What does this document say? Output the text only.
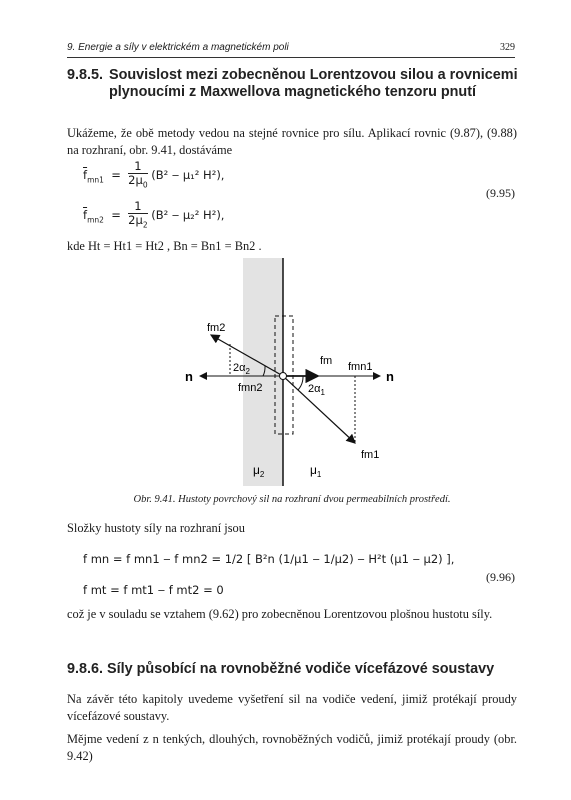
9. Energie a síly v elektrickém a magnetickém poli	329
9.8.5. Souvislost mezi zobecněnou Lorentzovou silou a rovnicemi plynoucími z Maxwellova magnetického tenzoru pnutí
Ukážeme, že obě metody vedou na stejné rovnice pro sílu. Aplikací rovnic (9.87), (9.88) na rozhraní, obr. 9.41, dostáváme
$\overline{f}_{mn1} = \frac{1}{2\mu_0} (B^2$ ‒ μ₁² H²),
$\overline{f}_{mn2} = \frac{1}{2\mu_2} (B^2$ ‒ μ₂² H²),
(9.95)
kde Ht = Ht1 = Ht2 , Bn = Bn1 = Bn2 .
fm2
fm fmn1
fmn2
fm1
n	n
$2\alpha_2$
$2\alpha_1$
$\mu_2$	$\mu_1$
Obr. 9.41. Hustoty povrchový sil na rozhraní dvou permeabilních prostředí.
Složky hustoty síly na rozhraní jsou
f mn = f mn1 ‒ f mn2 = 1/2 [ B²n (1/μ1 ‒ 1/μ2) ‒ H²t (μ1 ‒ μ2) ],
f mt = f mt1 ‒ f mt2 = 0
(9.96)
což je v souladu se vztahem (9.62) pro zobecněnou Lorentzovou plošnou hustotu síly.
9.8.6. Síly působící na rovnoběžné vodiče vícefázové soustavy
Na závěr této kapitoly uvedeme vyšetření sil na vodiče vedení, jimiž protékají proudy vícefázové soustavy.
Mějme vedení z n tenkých, dlouhých, rovnoběžných vodičů, jimiž protékají proudy (obr. 9.42)
